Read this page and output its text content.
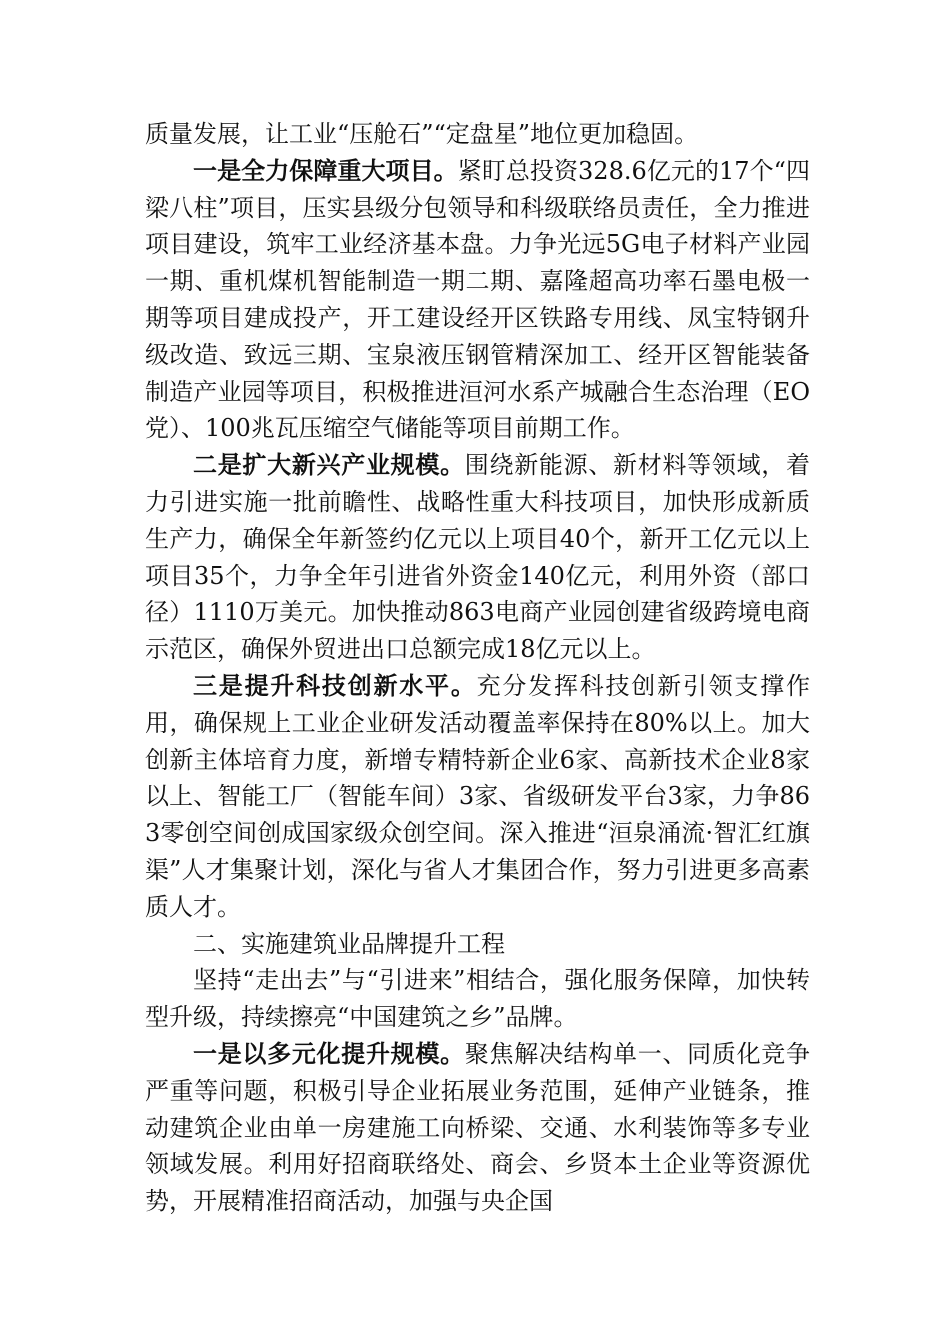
质量发展，让工业“压舱石”“定盘星”地位更加稳固。

一是全力保障重大项目。紧盯总投资328.6亿元的17个“四梁八柱”项目，压实县级分包领导和科级联络员责任，全力推进项目建设，筑牢工业经济基本盘。力争光远5G电子材料产业园一期、重机煤机智能制造一期二期、嘉隆超高功率石墨电极一期等项目建成投产，开工建设经开区铁路专用线、凤宝特钢升级改造、致远三期、宝泉液压钢管精深加工、经开区智能装备制造产业园等项目，积极推进洹河水系产城融合生态治理（EO党）、100兆瓦压缩空气储能等项目前期工作。

二是扩大新兴产业规模。围绕新能源、新材料等领域，着力引进实施一批前瞻性、战略性重大科技项目，加快形成新质生产力，确保全年新签约亿元以上项目40个，新开工亿元以上项目35个，力争全年引进省外资金140亿元，利用外资（部口径）1110万美元。加快推动863电商产业园创建省级跨境电商示范区，确保外贸进出口总额完成18亿元以上。

三是提升科技创新水平。充分发挥科技创新引领支撑作用，确保规上工业企业研发活动覆盖率保持在80%以上。加大创新主体培育力度，新增专精特新企业6家、高新技术企业8家以上、智能工厂（智能车间）3家、省级研发平台3家，力争863零创空间创成国家级众创空间。深入推进“洹泉涌流·智汇红旗渠”人才集聚计划，深化与省人才集团合作，努力引进更多高素质人才。

二、实施建筑业品牌提升工程

坚持“走出去”与“引进来”相结合，强化服务保障，加快转型升级，持续擦亮“中国建筑之乡”品牌。

一是以多元化提升规模。聚焦解决结构单一、同质化竞争严重等问题，积极引导企业拓展业务范围，延伸产业链条，推动建筑企业由单一房建施工向桥梁、交通、水利装饰等多专业领域发展。利用好招商联络处、商会、乡贤本土企业等资源优势，开展精准招商活动，加强与央企国
